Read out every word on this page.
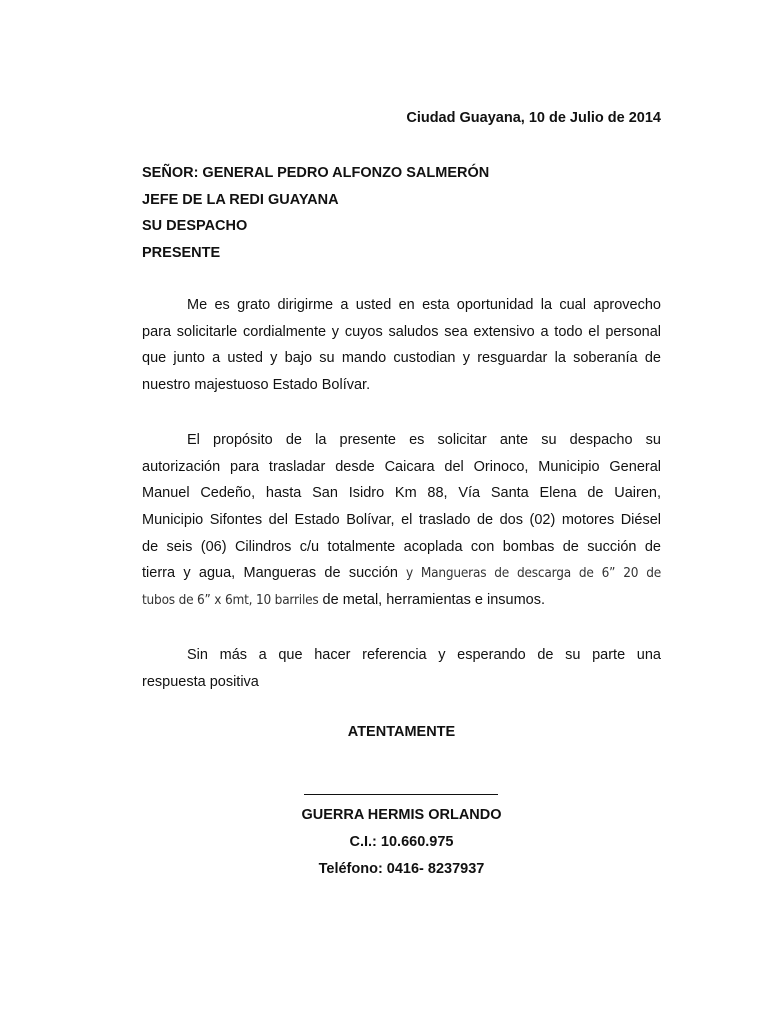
Ciudad Guayana, 10 de Julio de 2014
SEÑOR: GENERAL PEDRO ALFONZO SALMERÓN
JEFE DE LA REDI GUAYANA
SU DESPACHO
PRESENTE
Me es grato dirigirme a usted en esta oportunidad la cual aprovecho
para solicitarle cordialmente y cuyos saludos sea extensivo a todo el personal
que junto a usted y bajo su mando custodian y resguardar la soberanía de
nuestro majestuoso Estado Bolívar.
El propósito de la presente es solicitar ante su despacho su
autorización para trasladar desde Caicara del Orinoco, Municipio General
Manuel Cedeño, hasta San Isidro Km 88, Vía Santa Elena de Uairen,
Municipio Sifontes del Estado Bolívar, el traslado de dos (02) motores Diésel
de seis (06) Cilindros c/u totalmente acoplada con bombas de succión de
tierra y agua, Mangueras de succión y Mangueras de descarga de 6” 20 de
tubos de 6” x 6mt, 10 barriles de metal, herramientas e insumos.
Sin más a que hacer referencia y esperando de su parte una
respuesta positiva
ATENTAMENTE
GUERRA HERMIS ORLANDO
C.I.: 10.660.975
Teléfono: 0416- 8237937
